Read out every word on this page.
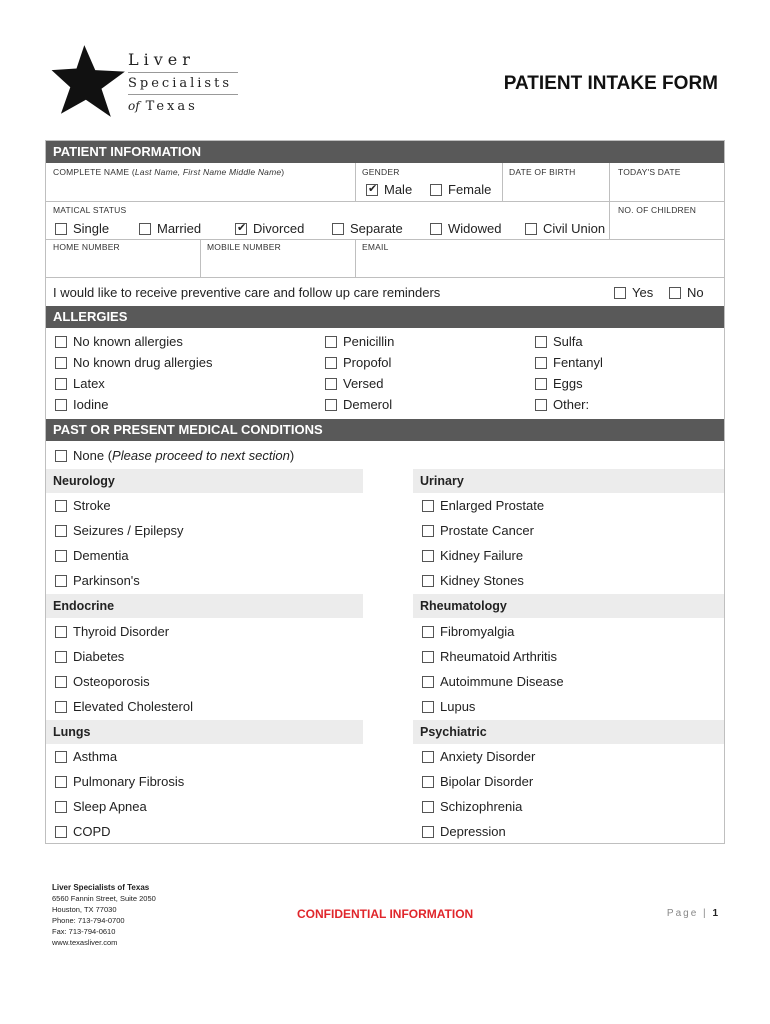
Liver
Specialists
of Texas
PATIENT INTAKE FORM
PATIENT INFORMATION
COMPLETE NAME (Last Name, First Name Middle Name)	GENDER
✔
Male	Female
DATE OF BIRTH	TODAY'S DATE
MATICAL STATUS
Single	Married
✔	Divorced	Separate	Widowed	Civil Union
NO. OF CHILDREN
HOME NUMBER	MOBILE NUMBER	EMAIL
I would like to receive preventive care and follow up care reminders	Yes	No
ALLERGIES
No known allergies
No known drug allergies
Latex
Iodine
Penicillin
Propofol
Versed
Demerol
Sulfa
Fentanyl
Eggs
Other:
PAST OR PRESENT MEDICAL CONDITIONS
None ( Please proceed to next section )
Neurology	Urinary
Stroke
Seizures / Epilepsy
Dementia
Parkinson's
Enlarged Prostate
Prostate Cancer
Kidney Failure
Kidney Stones
Endocrine	Rheumatology
Thyroid Disorder
Diabetes
Osteoporosis
Elevated Cholesterol
Fibromyalgia
Rheumatoid Arthritis
Autoimmune Disease
Lupus
Lungs	Psychiatric
Asthma
Pulmonary Fibrosis
Sleep Apnea
COPD
Anxiety Disorder
Bipolar Disorder
Schizophrenia
Depression
Liver Specialists of Texas
6560 Fannin Street, Suite 2050
Houston, TX 77030
Phone: 713-794-0700
Fax: 713-794-0610
www.texasliver.com
CONFIDENTIAL INFORMATION	Page | 1
